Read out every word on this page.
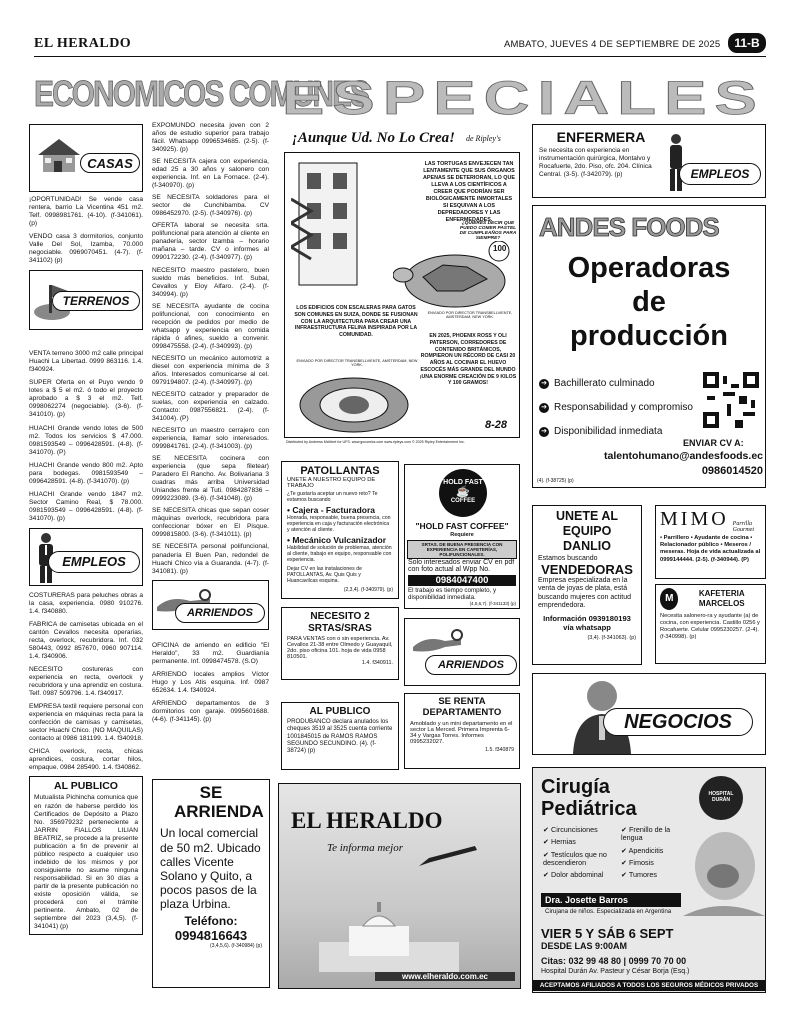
EL HERALDO	AMBATO, JUEVES 4 DE SEPTIEMBRE DE 2025	11-B
ECONOMICOS COMUNES
ESPECIALES
CASAS
¡OPORTUNIDAD! Se vende casa rentera, barrio La Vicentina 451 m2. Telf. 0998981761. (4-10). (f-341061). (p)
VENDO casa 3 dormitorios, conjunto Valle Del Sol, Izamba, 70.000 negociable. 0969070451. (4-7). (f-341102) (p)
TERRENOS
VENTA terreno 3000 m2 calle principal Huachi La Libertad. 0999 863116. 1.4. f340924.
SUPER Oferta en el Puyo vendo 9 lotes a $ 5 el m2. ó todo el proyecto aprobado a $ 3 el m2. Telf. 0998062274 (negociable). (3-6). (f-341010). (p)
HUACHI Grande vendo lotes de 500 m2. Todos los servicios $ 47.000. 0981593549 – 0996428591. (4-8). (f-341070). (P)
HUACHI Grande vendo 800 m2. Apto para bodegas. 0981593549 – 0996428591. (4-8). (f-341070). (p)
HUACHI Grande vendo 1847 m2. Sector Camino Real, $ 78.000. 0981593549 – 0996428591. (4-8). (f-341070). (p)
EMPLEOS
COSTURERAS para peluches obras a la casa, experiencia. 0980 910276. 1.4. f340880.
FABRICA de camisetas ubicada en el cantón Cevallos necesita operarias, recta, overlock, recubridora. Inf. 032 580443, 0992 857670, 0960 907114. 1.4. f340906.
NECESITO costureras con experiencia en recta, overlock y recubridora y una aprendiz en costura. Telf. 0987 509796. 1.4. f340917.
EMPRESA textil requiere personal con experiencia en máquinas recta para la confección de camisas y camisetas, sector Huachi Chico. (NO MAQUILAS) contacto al 0986 181199. 1.4. f340918.
CHICA overlock, recta, chicas aprendices, costura, cortar hilos, empaque. 0984 285490. 1.4. f340862.
AL PUBLICO
Mutualista Pichincha comunica que en razón de haberse perdido los Certificados de Depósito a Plazo No. 356979232 perteneciente a JARRIN FIALLOS LILIAN BEATRIZ, se procede a la presente publicación a fin de prevenir al público respecto a cualquier uso indebido de los mismos y por consiguiente no asume ninguna responsabilidad. Si en 30 días a partir de la presente publicación no existe oposición válida, se procederá con el trámite pertinente. Ambato, 02 de septiembre del 2023 (3,4,5). (f-341041) (p)
EXPOMUNDO necesita joven con 2 años de estudio superior para trabajo fácil. Whatsapp 0996534685. (2-5). (f-340925). (p)
SE NECESITA cajera con experiencia, edad 25 a 30 años y salonero con experiencia. Inf. en La Fornace. (2-4). (f-340970). (p)
SE NECESITA soldadores para el sector de Cunchibamba. CV 0986452970. (2-5). (f-340976). (p)
OFERTA laboral se necesita srta. polifuncional para atención al cliente en panadería, sector Izamba – horario mañana – tarde. CV o informes al 0990172230. (2-4). (f-340977). (p)
NECESITO maestro pastelero, buen sueldo más beneficios. Inf. Subal, Cevallos y Eloy Alfaro. (2-4). (f-340994). (p)
SE NECESITA ayudante de cocina polifuncional, con conocimiento en recepción de pedidos por medio de whatsapp y experiencia en comida rápida ó afines, sueldo a convenir. 0998475558. (2-4). (f-340993). (p)
NECESITO un mecánico automotriz a diesel con experiencia mínima de 3 años. Interesados comunicarse al cel. 0979194807. (2-4). (f-340997). (p)
NECESITO calzador y preparador de suelas, con experiencia en calzado. Contacto: 0987556821. (2-4). (f-341004). (P)
NECESITO un maestro cerrajero con experiencia, llamar solo interesados. 0999841761. (2-4). (f-341003). (p)
SE NECESITA cocinera con experiencia (que sepa filetear) Paradero El Rancho. Av. Bolivariana 3 cuadras más arriba Universidad Uniandes frente al Tuti. 0984287836 – 0999223089. (3-6). (f-341048). (p)
SE NECESITA chicas que sepan coser máquinas overlock, recubridora para confeccionar bóxer en El Pisque. 0999815800. (3-6). (f-341011). (p)
SE NECESITA personal polifuncional, panadería El Buen Pan, redondel de Huachi Chico vía a Guaranda. (4-7). (f-341081). (p)
ARRIENDOS
OFICINA de arriendo en edificio "El Heraldo", 33 m2. Guardianía permanente. Inf. 0998474578. (S.O)
ARRIENDO locales amplios Víctor Hugo y Los Atis esquina. Inf. 0987 652634. 1.4. f340924.
ARRIENDO departamentos de 3 dormitorios con garaje. 0995601688. (4-6). (f-341145). (p)
¡Aunque Ud. No Lo Crea! de Ripley's
LAS TORTUGAS ENVEJECEN TAN LENTAMENTE QUE SUS ÓRGANOS APENAS SE DETERIORAN, LO QUE LLEVA A LOS CIENTÍFICOS A CREER QUE PODRÍAN SER BIOLÓGICAMENTE INMORTALES SI ESQUIVAN A LOS DEPREDADORES Y LAS ENFERMEDADES.
¿QUIERES DECIR QUE PUEDO COMER PASTEL DE CUMPLEAÑOS PARA SIEMPRE?
100
LOS EDIFICIOS CON ESCALERAS PARA GATOS SON COMUNES EN SUIZA, DONDE SE FUSIONAN CON LA ARQUITECTURA PARA CREAR UNA INFRAESTRUCTURA FELINA INSPIRADA POR LA COMUNIDAD.
ENVIADO POR DIRECTOR TRANSBELLVIENTE, AMSTERDAM, NEW YORK.
ENVIADO POR DIRECTOR TRANSBELLVIENTE, AMSTERDAM, NEW YORK.
EN 2025, PHOENIX ROSS Y OLI PATERSON, CORREDORES DE CONTENIDO BRITÁNICOS, ROMPIERON UN RÉCORD DE CASI 20 AÑOS AL COCINAR EL HUEVO ESCOCÉS MÁS GRANDE DEL MUNDO ¡UNA ENORME CREACIÓN DE 9 KILOS Y 100 GRAMOS!
8-28
Distributed by Andrews McMeel for UFS. www.gocomics.com www.ripleys.com © 2025 Ripley Entertainment Inc.
PATOLLANTAS
UNETE A NUESTRO EQUIPO DE TRABAJO
¿Te gustaría aceptar un nuevo reto? Te estamos buscando
• Cajera - Facturadora
Honrada, responsable, buena presencia, con experiencia en caja y facturación electrónica y atención al cliente.
• Mecánico Vulcanizador
Habilidad de solución de problemas, atención al cliente, trabajo en equipo, responsable con experiencia.
Dejar CV en las instalaciones de PATOLLANTAS, Av. Quis Quis y Huancavilcas esquina.
(2,3,4). (f-340979). (p)
HOLD FAST
☕
COFFEE
"HOLD FAST COFFEE"
Requiere
SRTAS. DE BUENA PRESENCIA CON EXPERIENCIA EN CAFETERÍAS, POLIFUNCIONALES.
Solo interesados enviar CV en pdf con foto actual al Wpp No.
0984047400
El trabajo es tiempo completo, y disponibilidad inmediata.
(4,5,6,7). (f-341133) (p)
NECESITO 2 SRTAS/SRAS
PARA VENTAS con o sin experiencia. Av. Cevallos 21-38 entre Olmedo y Guayaquil, 2do. piso oficina 101. hoja de vida 0958 810501.
1.4. f340911.	ARRIENDOS
AL PUBLICO
PRODUBANCO declara anulados los cheques 3519 al 3525 cuenta corriente 1001845015 de RAMOS RAMOS SEGUNDO SECUNDINO. (4). (f-38724) (p)
SE RENTA DEPARTAMENTO
Amoblado y un mini departamento en el sector La Merced. Primera Imprenta 6-34 y Vargas Torres. Informes 0995232027.
1.5. f340879
SE ARRIENDA
Un local comercial de 50 m2. Ubicado calles Vicente Solano y Quito, a pocos pasos de la plaza Urbina.
Teléfono:
0994816643
(3,4,5,6). (f-340984) (p)
EL HERALDO
Te informa mejor
www.elheraldo.com.ec
ENFERMERA
Se necesita con experiencia en instrumentación quirúrgica, Montalvo y Rocafuerte, 2do. Piso, ofc. 204. Clínica Central. (3-5). (f-342079). (p)	EMPLEOS
ANDES FOODS
Operadoras
de
producción
➔ Bachillerato culminado
➔ Responsabilidad y compromiso
➔ Disponibilidad inmediata
ENVIAR CV A:
talentohumano@andesfoods.ec
0986014520
(4). (f-38725) (p)
UNETE AL EQUIPO DANLIO
Estamos buscando
VENDEDORAS
Empresa especializada en la venta de joyas de plata, está buscando mujeres con actitud emprendedora.
Información 0939180193 vía whatsapp
(3,4). (f-341063). (p)
MIMO Parrilla Gourmet
• Parrillero • Ayudante de cocina • Relacionador público • Meseros / meseras. Hoja de vida actualizada al 0999144444. (2-5). (f-340944). (P)
M	KAFETERIA MARCELOS
Necesita salonero-ra y ayudante (a) de cocina, con experiencia. Castillo 0256 y Rocafuerte. Celular 0995230257. (2-4). (f-340998). (p)
NEGOCIOS
Cirugía
Pediátrica
HOSPITAL DURÁN
✔ Circuncisiones
✔ Hernias
✔ Testículos que no descendieron
✔ Dolor abdominal
✔ Frenillo de la lengua
✔ Apendicitis
✔ Fimosis
✔ Tumores
Dra. Josette Barros
Cirujana de niños. Especializada en Argentina
VIER 5 Y SÁB 6 SEPT
DESDE LAS 9:00AM
Citas: 032 99 48 80 | 0999 70 70 00
Hospital Durán Av. Pasteur y César Borja (Esq.)
ACEPTAMOS AFILIADOS A TODOS LOS SEGUROS MÉDICOS PRIVADOS
